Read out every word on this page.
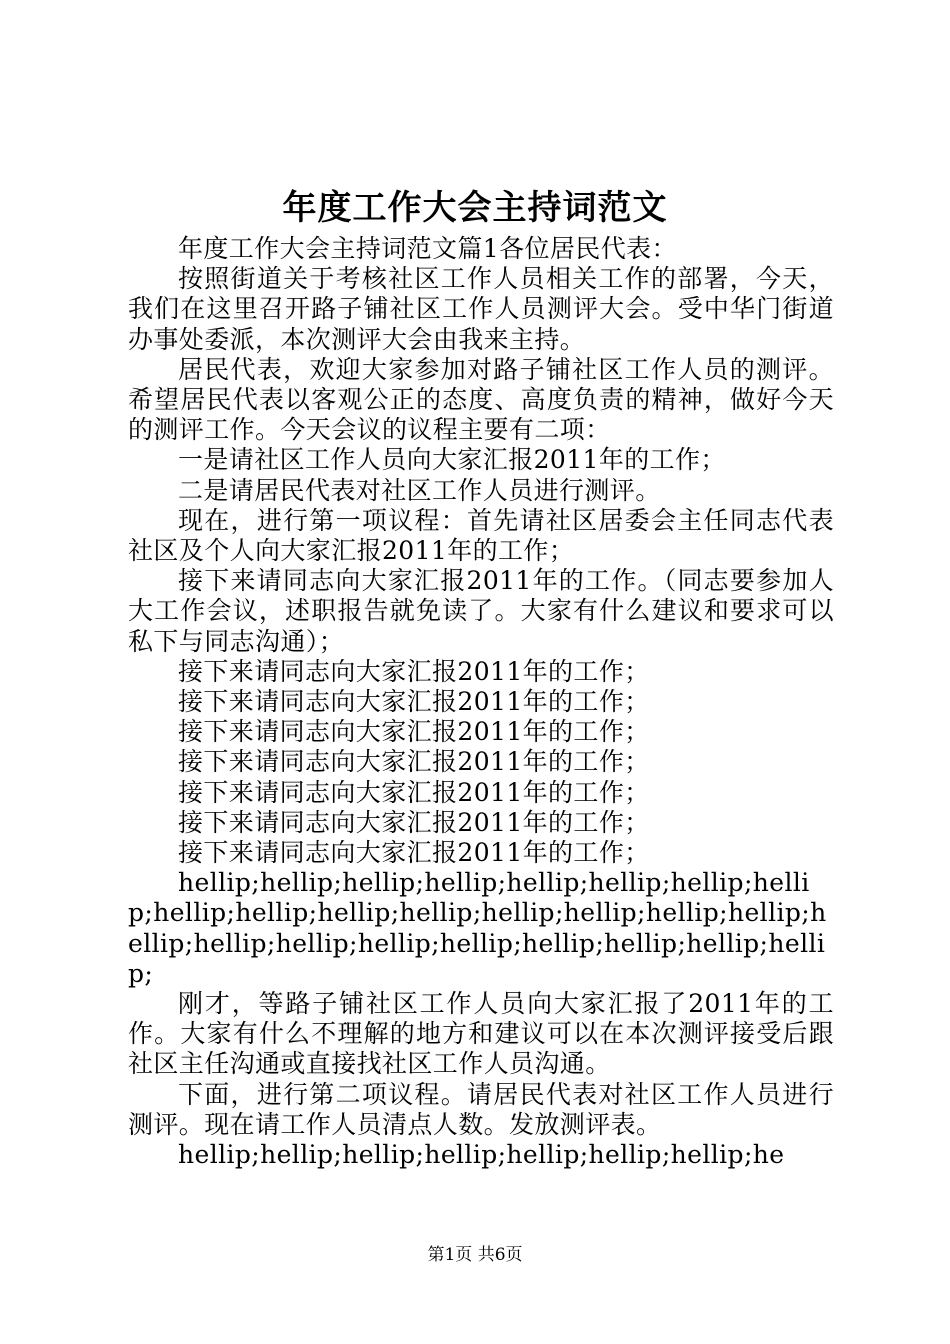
年度工作大会主持词范文

年度工作大会主持词范文篇1各位居民代表：

按照街道关于考核社区工作人员相关工作的部署，今天，我们在这里召开路子铺社区工作人员测评大会。受中华门街道办事处委派，本次测评大会由我来主持。

居民代表，欢迎大家参加对路子铺社区工作人员的测评。希望居民代表以客观公正的态度、高度负责的精神，做好今天的测评工作。今天会议的议程主要有二项：

一是请社区工作人员向大家汇报2011年的工作；

二是请居民代表对社区工作人员进行测评。

现在，进行第一项议程：首先请社区居委会主任同志代表社区及个人向大家汇报2011年的工作；

接下来请同志向大家汇报2011年的工作。（同志要参加人大工作会议，述职报告就免读了。大家有什么建议和要求可以私下与同志沟通）；

接下来请同志向大家汇报2011年的工作；

接下来请同志向大家汇报2011年的工作；

接下来请同志向大家汇报2011年的工作；

接下来请同志向大家汇报2011年的工作；

接下来请同志向大家汇报2011年的工作；

接下来请同志向大家汇报2011年的工作；

接下来请同志向大家汇报2011年的工作；

hellip;hellip;hellip;hellip;hellip;hellip;hellip;hellip;hellip;hellip;hellip;hellip;hellip;hellip;hellip;hellip;hellip;hellip;hellip;hellip;hellip;hellip;hellip;hellip;hellip;

刚才，等路子铺社区工作人员向大家汇报了2011年的工作。大家有什么不理解的地方和建议可以在本次测评接受后跟社区主任沟通或直接找社区工作人员沟通。

下面，进行第二项议程。请居民代表对社区工作人员进行测评。现在请工作人员清点人数。发放测评表。

hellip;hellip;hellip;hellip;hellip;hellip;hellip;he

第1页 共6页
